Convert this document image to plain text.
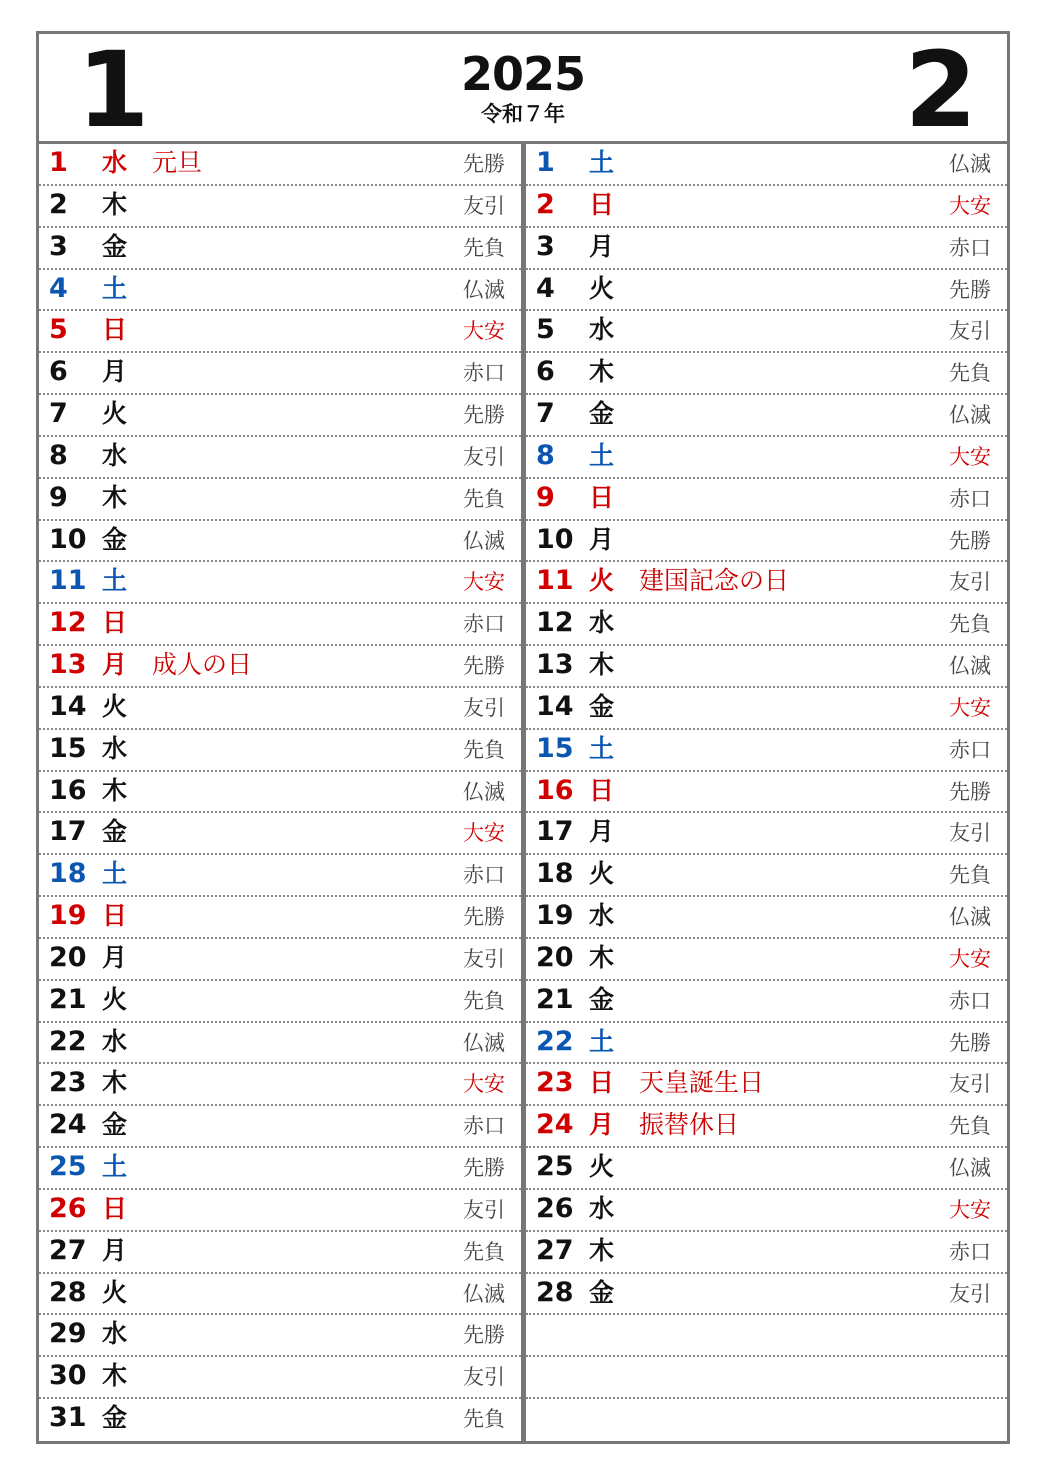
1	2025
令和７年	2
1 水 元旦	先勝
2 木	友引
3 金	先負
4 土	仏滅
5 日	大安
6 月	赤口
7 火	先勝
8 水	友引
9 木	先負
10 金	仏滅
11 土	大安
12 日	赤口
13 月 成人の日	先勝
14 火	友引
15 水	先負
16 木	仏滅
17 金	大安
18 土	赤口
19 日	先勝
20 月	友引
21 火	先負
22 水	仏滅
23 木	大安
24 金	赤口
25 土	先勝
26 日	友引
27 月	先負
28 火	仏滅
29 水	先勝
30 木	友引
31 金	先負
1 土	仏滅
2 日	大安
3 月	赤口
4 火	先勝
5 水	友引
6 木	先負
7 金	仏滅
8 土	大安
9 日	赤口
10 月	先勝
11 火 建国記念の日	友引
12 水	先負
13 木	仏滅
14 金	大安
15 土	赤口
16 日	先勝
17 月	友引
18 火	先負
19 水	仏滅
20 木	大安
21 金	赤口
22 土	先勝
23 日 天皇誕生日	友引
24 月 振替休日	先負
25 火	仏滅
26 水	大安
27 木	赤口
28 金	友引
